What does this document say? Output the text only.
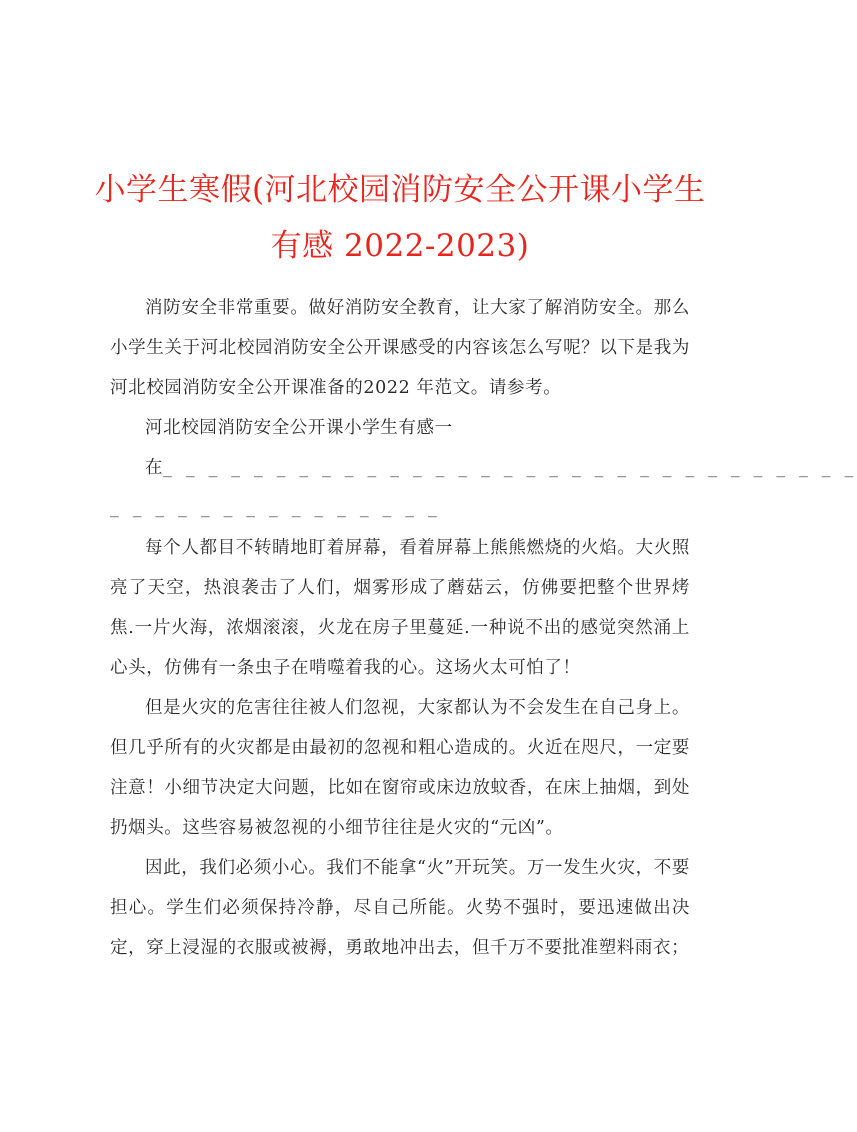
小学生寒假(河北校园消防安全公开课小学生
有感 2022-2023)

消防安全非常重要。做好消防安全教育，让大家了解消防安全。那么小学生关于河北校园消防安全公开课感受的内容该怎么写呢？以下是我为河北校园消防安全公开课准备的2022 年范文。请参考。

河北校园消防安全公开课小学生有感一

在_ _ _ _ _ _ _ _ _ _ _ _ _ _ _ _ _ _ _ _ _ _ _ _ _ _ _ _ _ _ _

_ _ _ _ _ _ _ _ _ _ _ _ _ _ _

每个人都目不转睛地盯着屏幕，看着屏幕上熊熊燃烧的火焰。大火照亮了天空，热浪袭击了人们，烟雾形成了蘑菇云，仿佛要把整个世界烤焦.一片火海，浓烟滚滚，火龙在房子里蔓延.一种说不出的感觉突然涌上心头，仿佛有一条虫子在啃噬着我的心。这场火太可怕了！

但是火灾的危害往往被人们忽视，大家都认为不会发生在自己身上。但几乎所有的火灾都是由最初的忽视和粗心造成的。火近在咫尺，一定要注意！小细节决定大问题，比如在窗帘或床边放蚊香，在床上抽烟，到处扔烟头。这些容易被忽视的小细节往往是火灾的“元凶”。

因此，我们必须小心。我们不能拿“火”开玩笑。万一发生火灾，不要担心。学生们必须保持冷静，尽自己所能。火势不强时，要迅速做出决定，穿上浸湿的衣服或被褥，勇敢地冲出去，但千万不要批准塑料雨衣；
